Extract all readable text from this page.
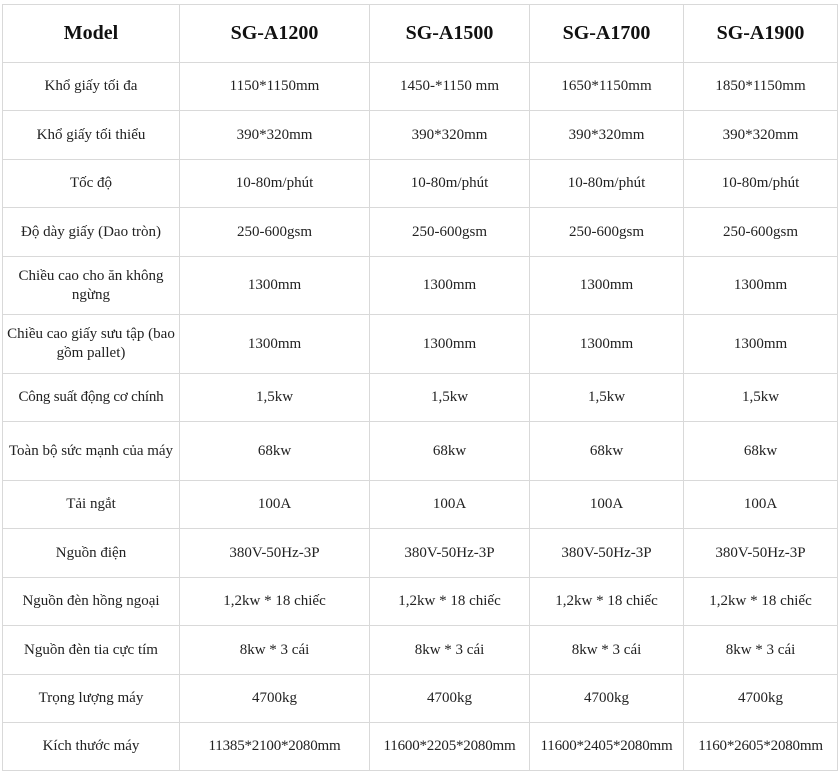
Model	SG-A1200	SG-A1500	SG-A1700	SG-A1900
Khổ giấy tối đa	1150*1150mm	1450-*1150 mm	1650*1150mm	1850*1150mm
Khổ giấy tối thiểu	390*320mm	390*320mm	390*320mm	390*320mm
Tốc độ	10-80m/phút	10-80m/phút	10-80m/phút	10-80m/phút
Độ dày giấy (Dao tròn)	250-600gsm	250-600gsm	250-600gsm	250-600gsm
Chiều cao cho ăn không ngừng	1300mm	1300mm	1300mm	1300mm
Chiều cao giấy sưu tập (bao gồm pallet)	1300mm	1300mm	1300mm	1300mm
Công suất động cơ chính	1,5kw	1,5kw	1,5kw	1,5kw
Toàn bộ sức mạnh của máy	68kw	68kw	68kw	68kw
Tải ngắt	100A	100A	100A	100A
Nguồn điện	380V-50Hz-3P	380V-50Hz-3P	380V-50Hz-3P	380V-50Hz-3P
Nguồn đèn hồng ngoại	1,2kw * 18 chiếc	1,2kw * 18 chiếc	1,2kw * 18 chiếc	1,2kw * 18 chiếc
Nguồn đèn tia cực tím	8kw * 3 cái	8kw * 3 cái	8kw * 3 cái	8kw * 3 cái
Trọng lượng máy	4700kg	4700kg	4700kg	4700kg
Kích thước máy	11385*2100*2080mm	11600*2205*2080mm	11600*2405*2080mm	1160*2605*2080mm
